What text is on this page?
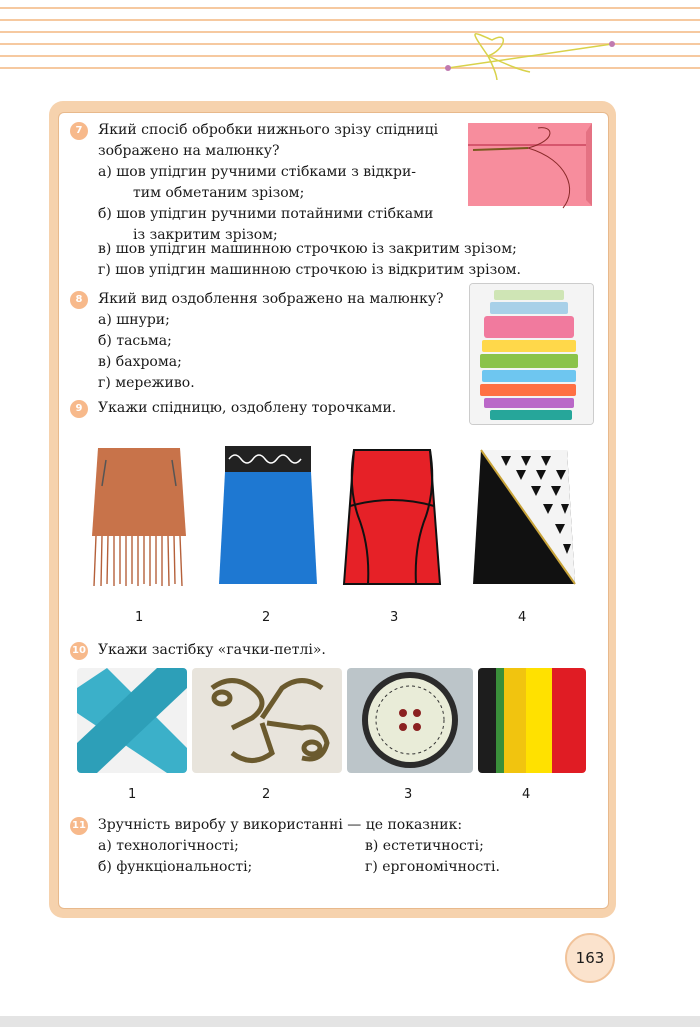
7	Який спосіб обробки нижнього зрізу спідниці
зображено на малюнку?
а) шов упідгин ручними стібками з відкри-
тим обметаним зрізом;
б) шов упідгин ручними потайними стібками
із закритим зрізом;
в) шов упідгин машинною строчкою із закритим зрізом;
г) шов упідгин машинною строчкою із відкритим зрізом.
8	Який вид оздоблення зображено на малюнку?
а) шнури;
б) тасьма;
в) бахрома;
г) мереживо.
9	Укажи спідницю, оздоблену торочками.
1	2	3	4
10 Укажи застібку «гачки-петлі».
1	2	3	4
11 Зручність виробу у використанні — це показник:
а) технологічності;
б) функціональності;
в) естетичності;
г) ергономічності.
163
